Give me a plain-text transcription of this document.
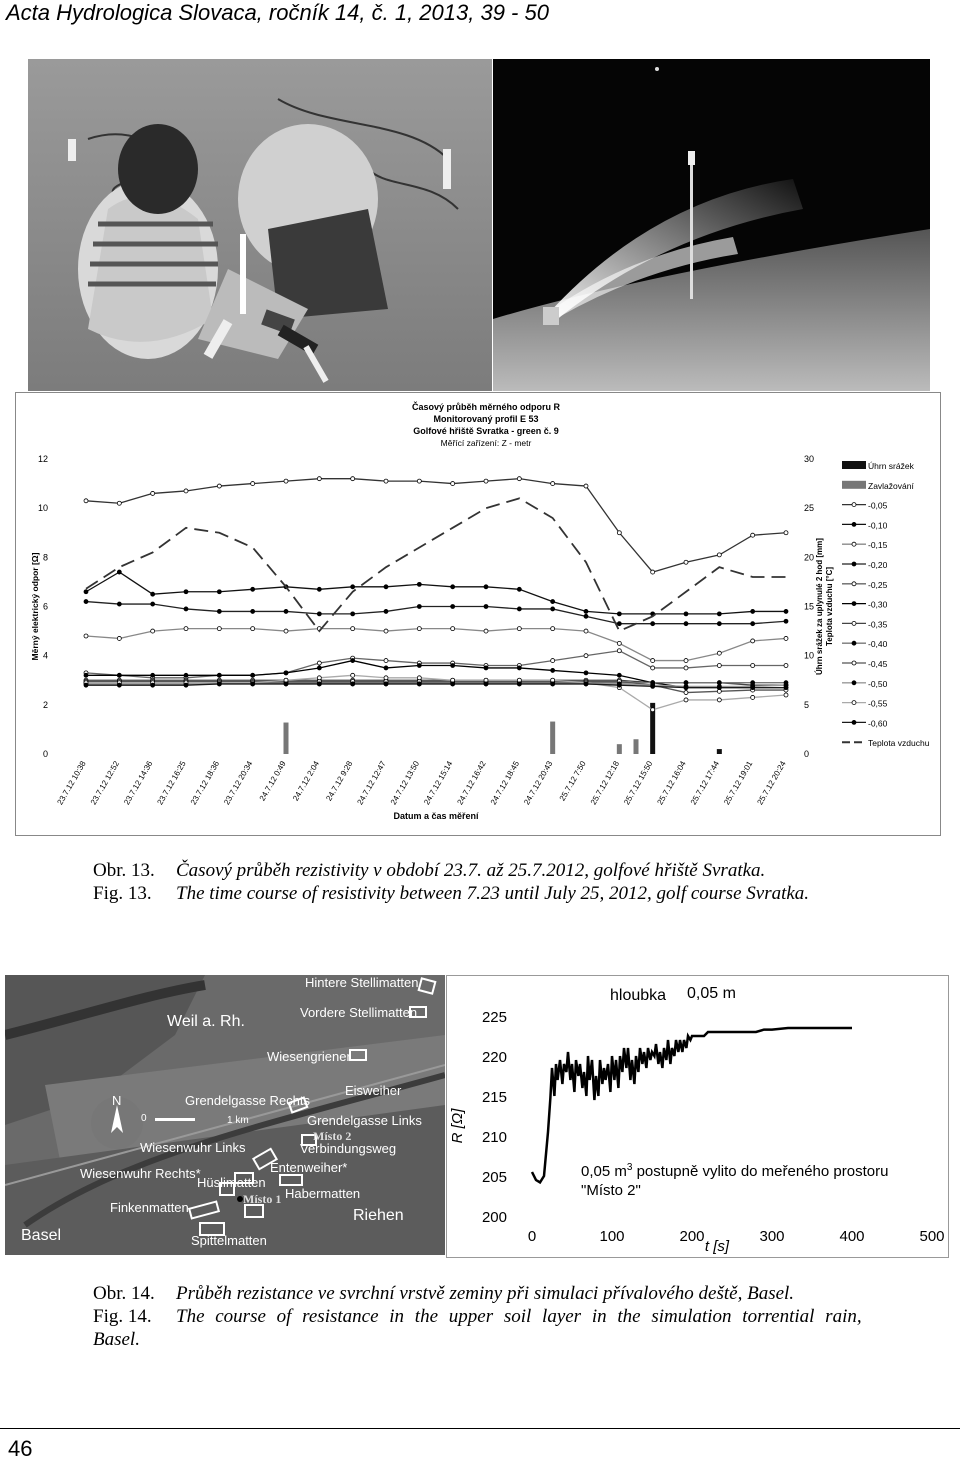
Acta Hydrologica Slovaca, ročník 14, č. 1, 2013, 39 - 50
Časový průběh měrného odporu R
Monitorovaný profil E 53
Golfové hřiště Svratka - green č. 9
Měřící zařízení: Z - metr
0
2
4
6
8
10
12
0
5
10
15
20
25
30
Měrný elektrický odpor [Ω]	Úhrn srážek za uplynulé 2 hod [mm] Teplota vzduchu [°C]
Datum a čas měření
23.7.12 10:38 23.7.12 12:52 23.7.12 14:36 23.7.12 16:25 23.7.12 18:36 23.7.12 20:34 24.7.12 0:49 24.7.12 2:04 24.7.12 9:28 24.7.12 12:47 24.7.12 13:50 24.7.12 15:14 24.7.12 16:42 24.7.12 18:45 24.7.12 20:43 25.7.12 7:50 25.7.12 12:18 25.7.12 15:50 25.7.12 16:04 25.7.12 17:44 25.7.12 19:01 25.7.12 20:24
Úhrn srážek
Zavlažování
-0,05
-0,10
-0,15
-0,20
-0,25
-0,30
-0,35
-0,40
-0,45
-0,50
-0,55
-0,60
Teplota vzduchu
Obr. 13. Časový průběh rezistivity v období 23.7. až 25.7.2012, golfové hřiště Svratka.
Fig. 13. The time course of resistivity between 7.23 until July 25, 2012, golf course Svratka.
Weil a. Rh.
Hintere Stellimatten
Vordere Stellimatten
Wiesengriener
Eisweiher
Grendelgasse Rechts
N
0	1 km	Grendelgasse Links
Místo 2
Verbindungsweg
Wiesenwuhr Links
Entenweiher*
Wiesenwuhr Rechts*
Hüslimatten
Habermatten
Místo 1
Finkenmatten	Riehen
Basel	Spittelmatten
hloubka 0,05 m
200
205
210
215
220
225
0	100	200	300	400	500
R [Ω]
t [s]
0,05 $m^3$ postupně vylito do meřeného prostoru
"Místo 2"
Obr. 14. Průběh rezistance ve svrchní vrstvě zeminy při simulaci přívalového deště, Basel.
Fig. 14. The course of resistance in the upper soil layer in the simulation torrential rain,
Basel.
46
